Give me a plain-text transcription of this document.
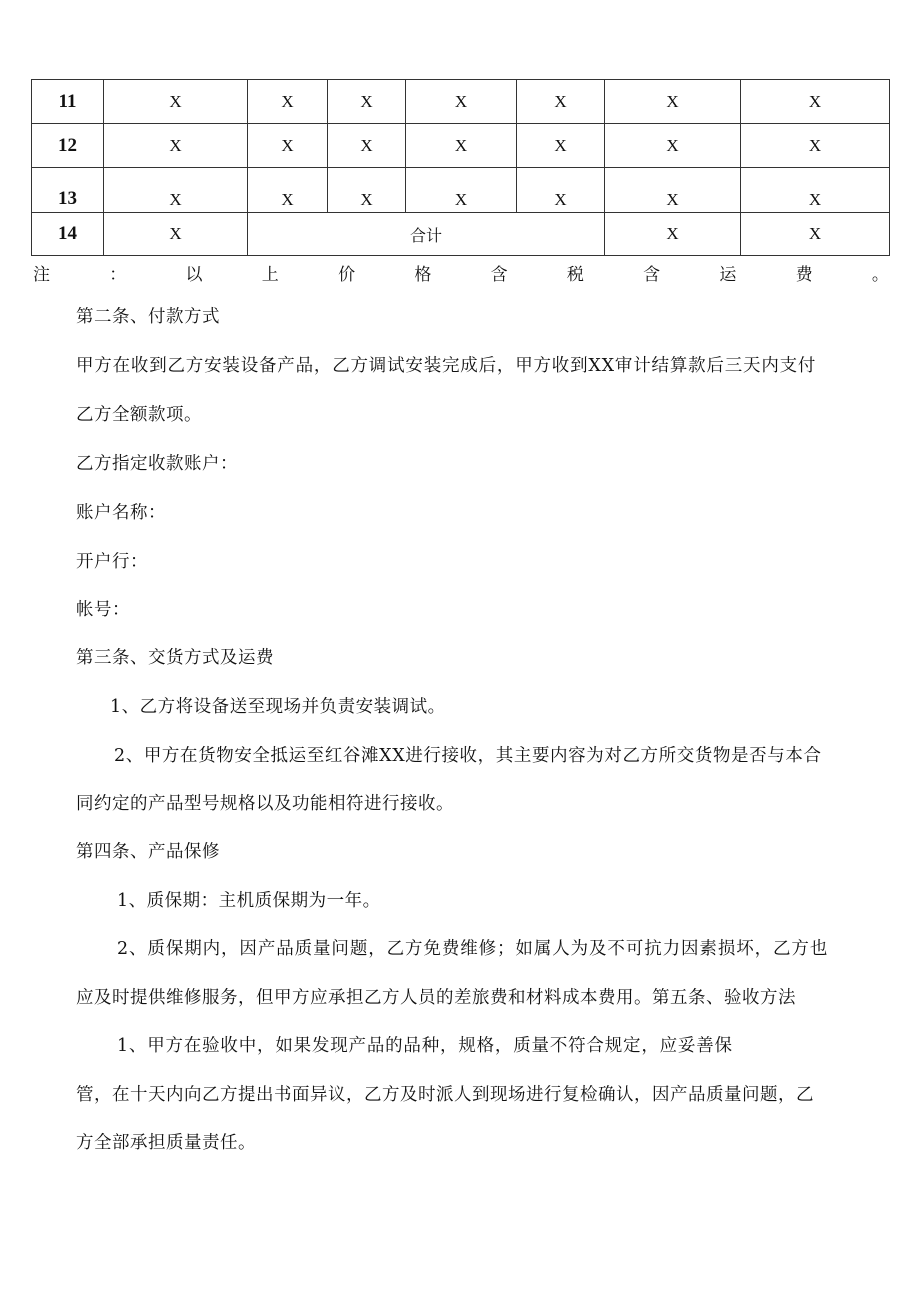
11	X	X	X	X	X	X	X
12	X	X	X	X	X	X	X
13	X	X	X	X	X	X	X
14	X	合计				X	X
注	：	以	上	价	格	含	税	含	运	费	。
第二条、付款方式
甲方在收到乙方安装设备产品，乙方调试安装完成后，甲方收到XX审计结算款后三天内支付
乙方全额款项。
乙方指定收款账户：
账户名称：
开户行：
帐号：
第三条、交货方式及运费
1、乙方将设备送至现场并负责安装调试。
2、甲方在货物安全抵运至红谷滩XX进行接收，其主要内容为对乙方所交货物是否与本合
同约定的产品型号规格以及功能相符进行接收。
第四条、产品保修
1、质保期：主机质保期为一年。
2、质保期内，因产品质量问题，乙方免费维修；如属人为及不可抗力因素损坏，乙方也
应及时提供维修服务，但甲方应承担乙方人员的差旅费和材料成本费用。第五条、验收方法
1、甲方在验收中，如果发现产品的品种，规格，质量不符合规定，应妥善保
管，在十天内向乙方提出书面异议，乙方及时派人到现场进行复检确认，因产品质量问题，乙
方全部承担质量责任。
